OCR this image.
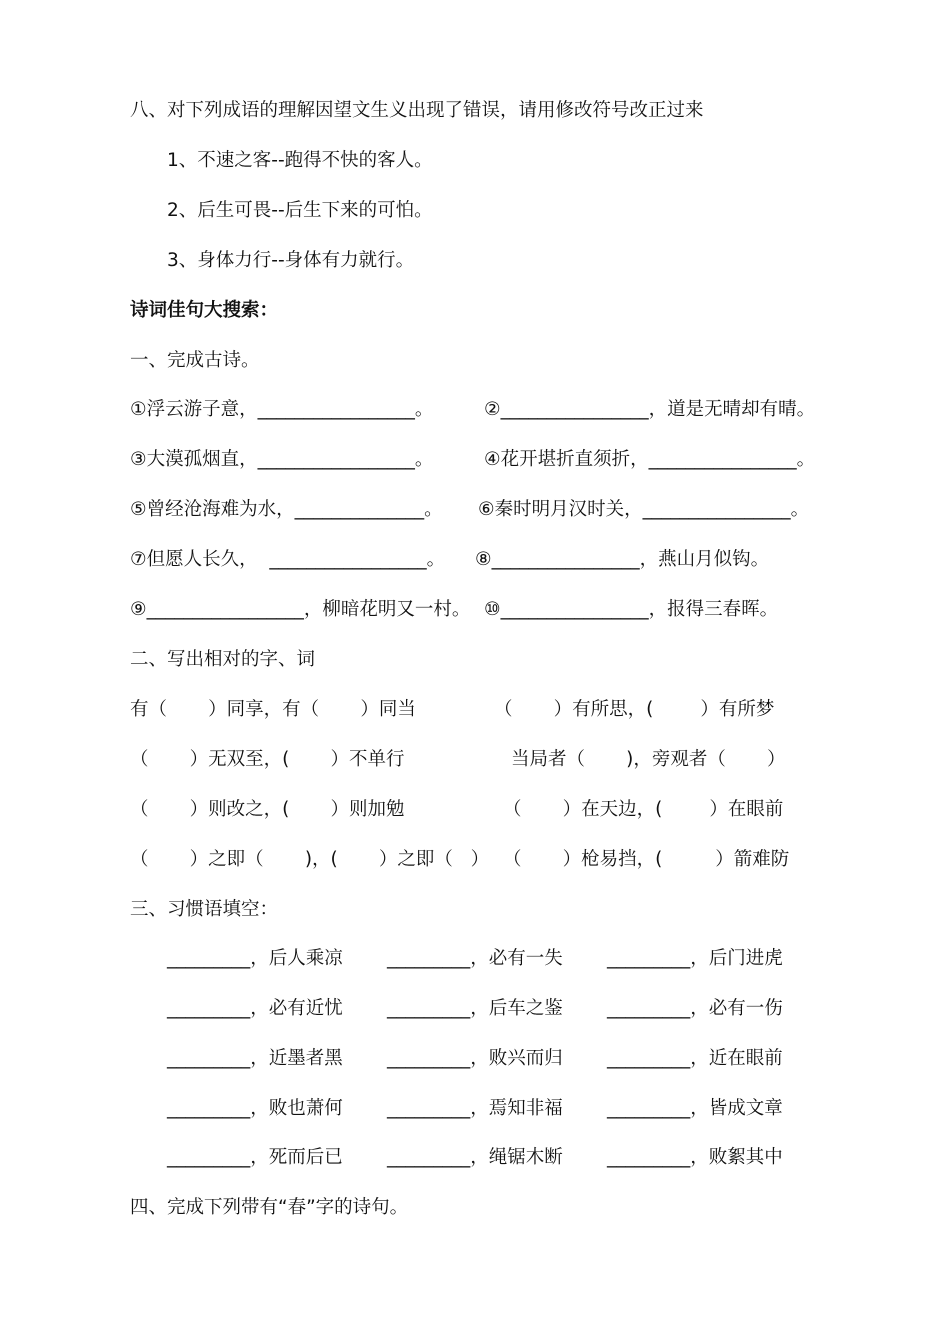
八、对下列成语的理解因望文生义出现了错误，请用修改符号改正过来
1、不速之客--跑得不快的客人。
2、后生可畏--后生下来的可怕。
3、身体力行--身体有力就行。
诗词佳句大搜索：
一、完成古诗。
①浮云游子意，_________________。	②________________，道是无晴却有晴。
③大漠孤烟直，_________________。	④花开堪折直须折，________________。
⑤曾经沧海难为水，______________。 ⑥秦时明月汉时关，________________。
⑦但愿人长久，  _________________。 ⑧________________，燕山月似钩。
⑨_________________，柳暗花明又一村。 ⑩________________，报得三春晖。
二、写出相对的字、词
有（       ）同享，有（       ）同当	（       ）有所思，(        ）有所梦
（       ）无双至，(       ）不单行	当局者（       )，旁观者（       ）
（       ）则改之，(       ）则加勉	（       ）在天边，(        ）在眼前
（       ）之即（       )，(       ）之即（   ） （       ）枪易挡，(         ）箭难防
三、习惯语填空：
_________，后人乘凉 _________，必有一失 _________，后门进虎
_________，必有近忧 _________，后车之鉴 _________，必有一伤
_________，近墨者黑 _________，败兴而归 _________，近在眼前
_________，败也萧何 _________，焉知非福 _________，皆成文章
_________，死而后已 _________，绳锯木断 _________，败絮其中
四、完成下列带有“春”字的诗句。
